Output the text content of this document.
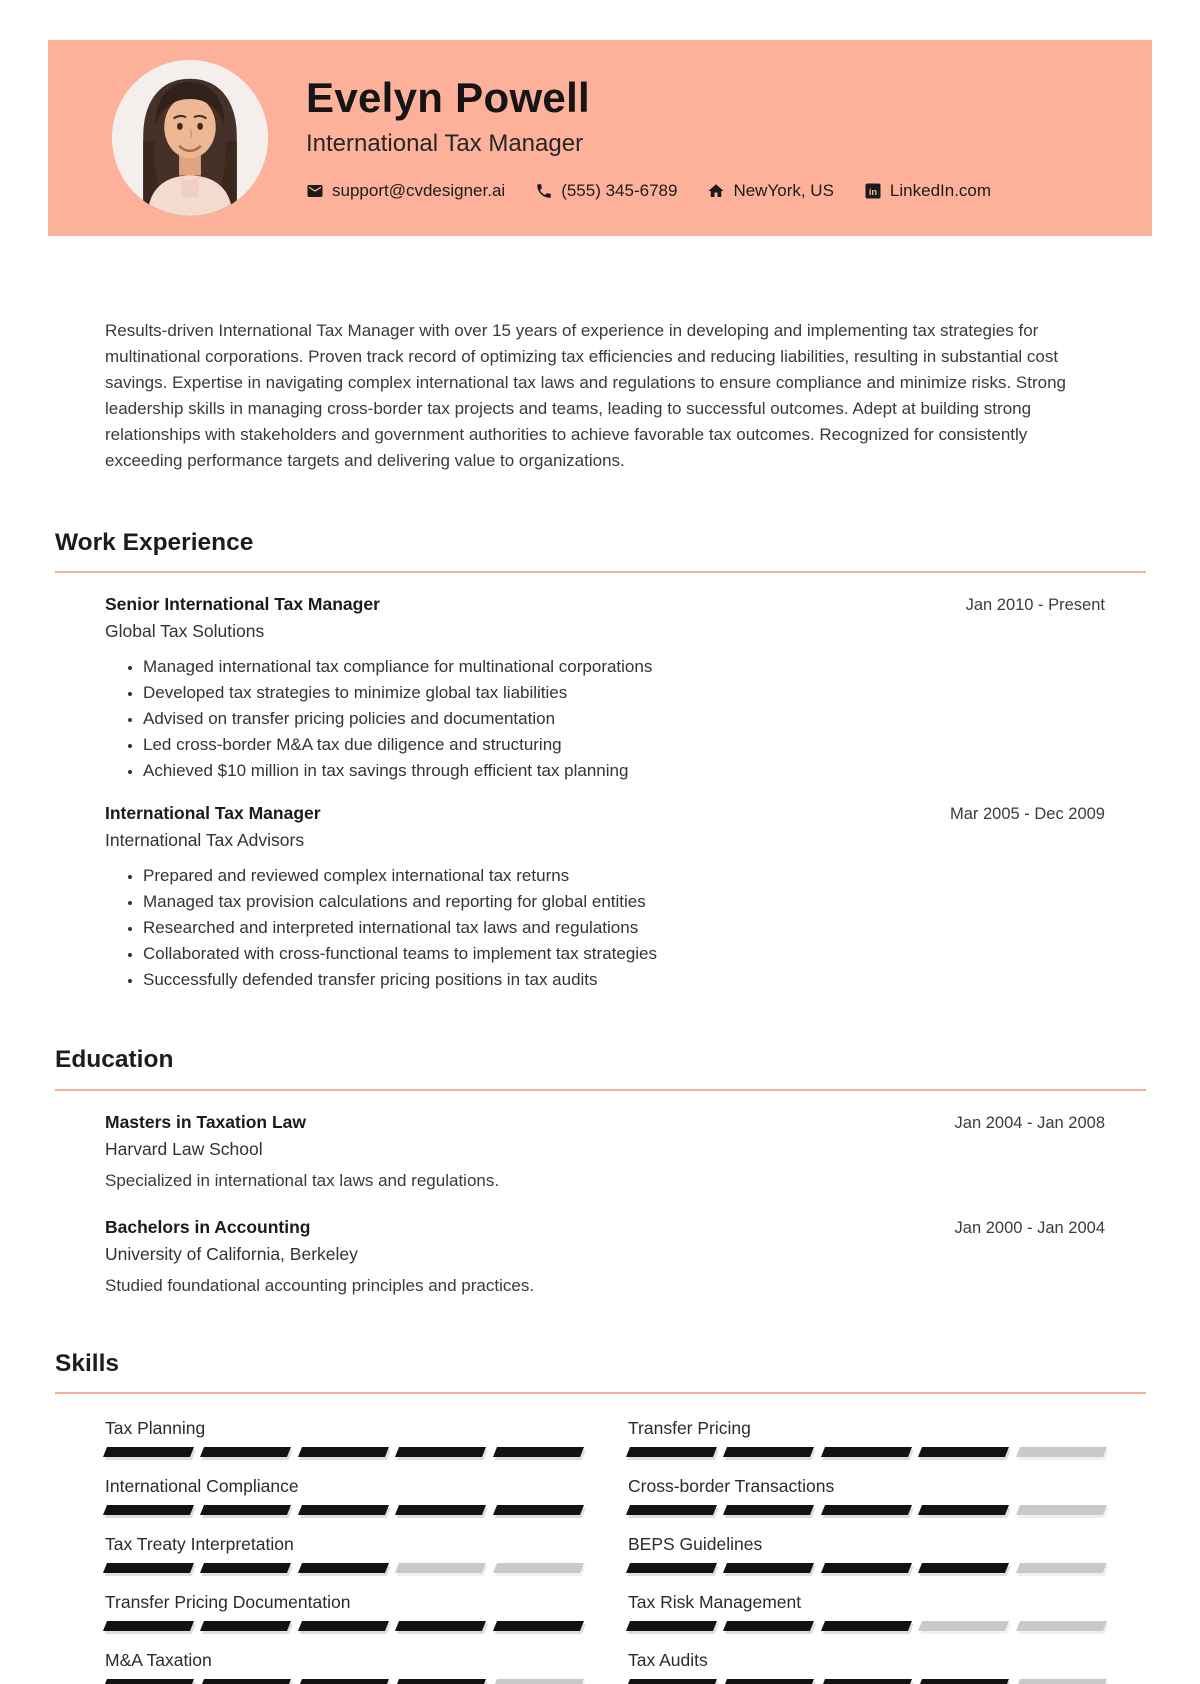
Evelyn Powell
International Tax Manager
support@cvdesigner.ai	(555) 345-6789	NewYork, US	in LinkedIn.com

Results-driven International Tax Manager with over 15 years of experience in developing and implementing tax strategies for multinational corporations. Proven track record of optimizing tax efficiencies and reducing liabilities, resulting in substantial cost savings. Expertise in navigating complex international tax laws and regulations to ensure compliance and minimize risks. Strong leadership skills in managing cross-border tax projects and teams, leading to successful outcomes. Adept at building strong relationships with stakeholders and government authorities to achieve favorable tax outcomes. Recognized for consistently exceeding performance targets and delivering value to organizations.

Work Experience
Senior International Tax Manager	Jan 2010 - Present
Global Tax Solutions
• Managed international tax compliance for multinational corporations
• Developed tax strategies to minimize global tax liabilities
• Advised on transfer pricing policies and documentation
• Led cross-border M&A tax due diligence and structuring
• Achieved $10 million in tax savings through efficient tax planning
International Tax Manager	Mar 2005 - Dec 2009
International Tax Advisors
• Prepared and reviewed complex international tax returns
• Managed tax provision calculations and reporting for global entities
• Researched and interpreted international tax laws and regulations
• Collaborated with cross-functional teams to implement tax strategies
• Successfully defended transfer pricing positions in tax audits
Education
Masters in Taxation Law	Jan 2004 - Jan 2008
Harvard Law School

Specialized in international tax laws and regulations.

Bachelors in Accounting	Jan 2000 - Jan 2004
University of California, Berkeley

Studied foundational accounting principles and practices.

Skills
Tax Planning	Transfer Pricing
International Compliance	Cross-border Transactions
Tax Treaty Interpretation	BEPS Guidelines
Transfer Pricing Documentation	Tax Risk Management
M&A Taxation	Tax Audits
